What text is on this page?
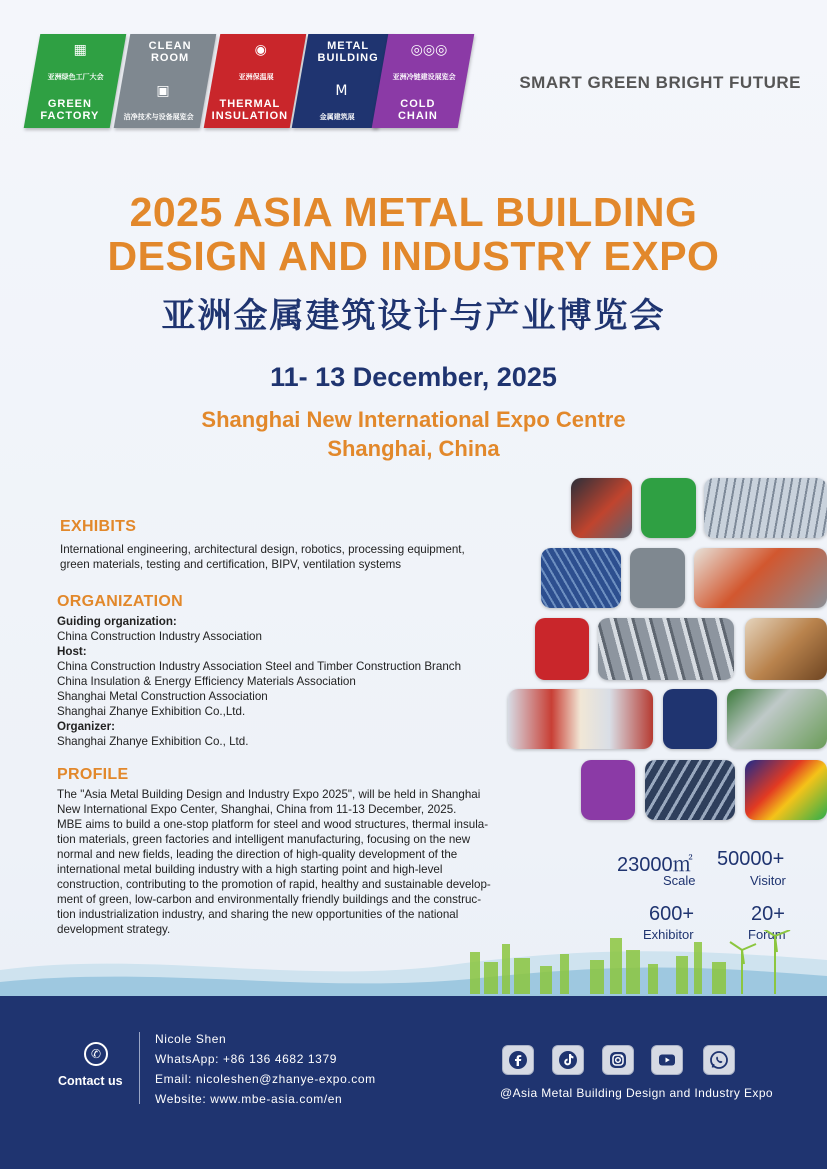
▦
亚洲绿色工厂大会
GREEN FACTORY
CLEAN ROOM
▣
洁净技术与设备展览会
◉
亚洲保温展
THERMAL INSULATION
METAL BUILDING
Ⅿ
金属建筑展
◎◎◎
亚洲冷链建设展览会
COLD CHAIN
SMART GREEN BRIGHT FUTURE
2025 ASIA METAL BUILDING
DESIGN AND INDUSTRY EXPO
亚洲金属建筑设计与产业博览会
11- 13 December, 2025
Shanghai New International Expo Centre
Shanghai, China
EXHIBITS
International engineering, architectural design, robotics, processing equipment,
green materials, testing and certification, BIPV, ventilation systems
ORGANIZATION
Guiding organization:
China Construction Industry Association
Host:
China Construction Industry Association Steel and Timber Construction Branch
China Insulation & Energy Efficiency Materials Association
Shanghai Metal Construction Association
Shanghai Zhanye Exhibition Co.,Ltd.
Organizer:
Shanghai Zhanye Exhibition Co., Ltd.
PROFILE
The "Asia Metal Building Design and Industry Expo 2025", will be held in Shanghai
New International Expo Center, Shanghai, China from 11-13 December, 2025.
MBE aims to build a one-stop platform for steel and wood structures, thermal insula-
tion materials, green factories and intelligent manufacturing, focusing on the new
normal and new fields, leading the direction of high-quality development of the
international metal building industry with a high starting point and high-level
construction, contributing to the promotion of rapid, healthy and sustainable develop-
ment of green, low-carbon and environmentally friendly buildings and the construc-
tion industrialization industry, and sharing the new opportunities of the national
development strategy.
23000㎡
Scale
50000+
Visitor
600+
Exhibitor
20+
Forum
✆
Contact us
Nicole Shen
WhatsApp: +86 136 4682 1379
Email: nicoleshen@zhanye-expo.com
Website: www.mbe-asia.com/en	@Asia Metal Building Design and Industry Expo
